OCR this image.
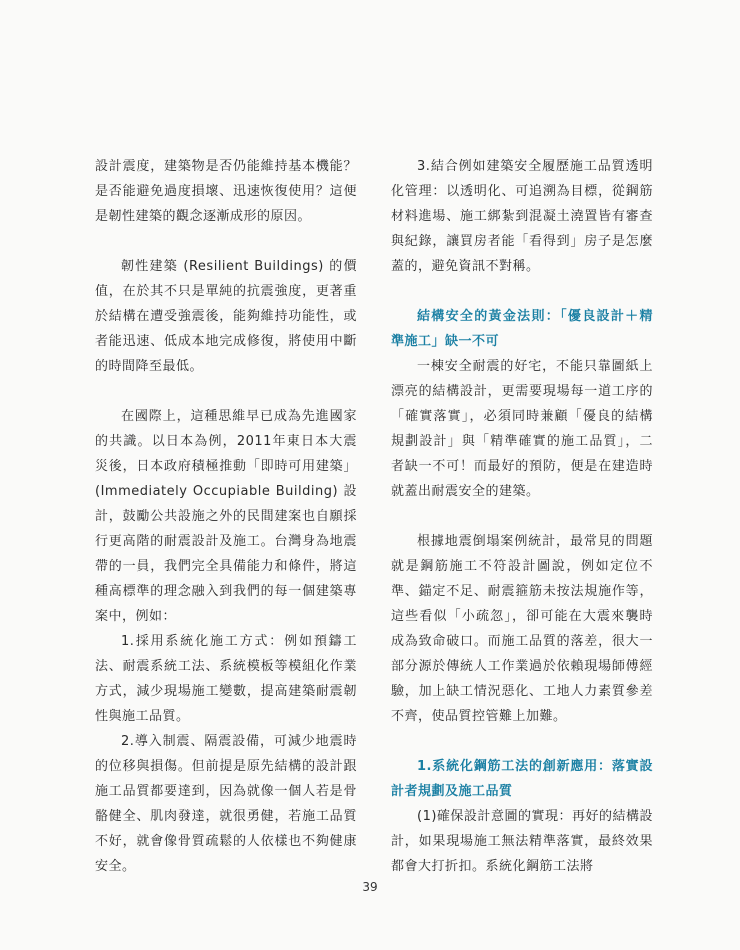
設計震度，建築物是否仍能維持基本機能？是否能避免過度損壞、迅速恢復使用？這便是韌性建築的觀念逐漸成形的原因。

韌性建築 (Resilient Buildings) 的價值，在於其不只是單純的抗震強度，更著重於結構在遭受強震後，能夠維持功能性，或者能迅速、低成本地完成修復，將使用中斷的時間降至最低。

在國際上，這種思維早已成為先進國家的共識。以日本為例，2011年東日本大震災後，日本政府積極推動「即時可用建築」(Immediately Occupiable Building) 設計，鼓勵公共設施之外的民間建案也自願採行更高階的耐震設計及施工。台灣身為地震帶的一員，我們完全具備能力和條件，將這種高標準的理念融入到我們的每一個建築專案中，例如：

1.採用系統化施工方式：例如預鑄工法、耐震系統工法、系統模板等模組化作業方式，減少現場施工變數，提高建築耐震韌性與施工品質。

2.導入制震、隔震設備，可減少地震時的位移與損傷。但前提是原先結構的設計跟施工品質都要達到，因為就像一個人若是骨骼健全、肌肉發達，就很勇健，若施工品質不好，就會像骨質疏鬆的人依樣也不夠健康安全。

3.結合例如建築安全履歷施工品質透明化管理：以透明化、可追溯為目標，從鋼筋材料進場、施工綁紮到混凝土澆置皆有審查與紀錄，讓買房者能「看得到」房子是怎麼蓋的，避免資訊不對稱。

結構安全的黃金法則：「優良設計＋精準施工」缺一不可

一棟安全耐震的好宅，不能只靠圖紙上漂亮的結構設計，更需要現場每一道工序的「確實落實」，必須同時兼顧「優良的結構規劃設計」與「精準確實的施工品質」，二者缺一不可！而最好的預防，便是在建造時就蓋出耐震安全的建築。

根據地震倒塌案例統計，最常見的問題就是鋼筋施工不符設計圖說，例如定位不準、錨定不足、耐震箍筋未按法規施作等，這些看似「小疏忽」，卻可能在大震來襲時成為致命破口。而施工品質的落差，很大一部分源於傳統人工作業過於依賴現場師傅經驗，加上缺工情況惡化、工地人力素質參差不齊，使品質控管難上加難。

1.系統化鋼筋工法的創新應用：落實設計者規劃及施工品質

(1)確保設計意圖的實現：再好的結構設計，如果現場施工無法精準落實，最終效果都會大打折扣。系統化鋼筋工法將

39
